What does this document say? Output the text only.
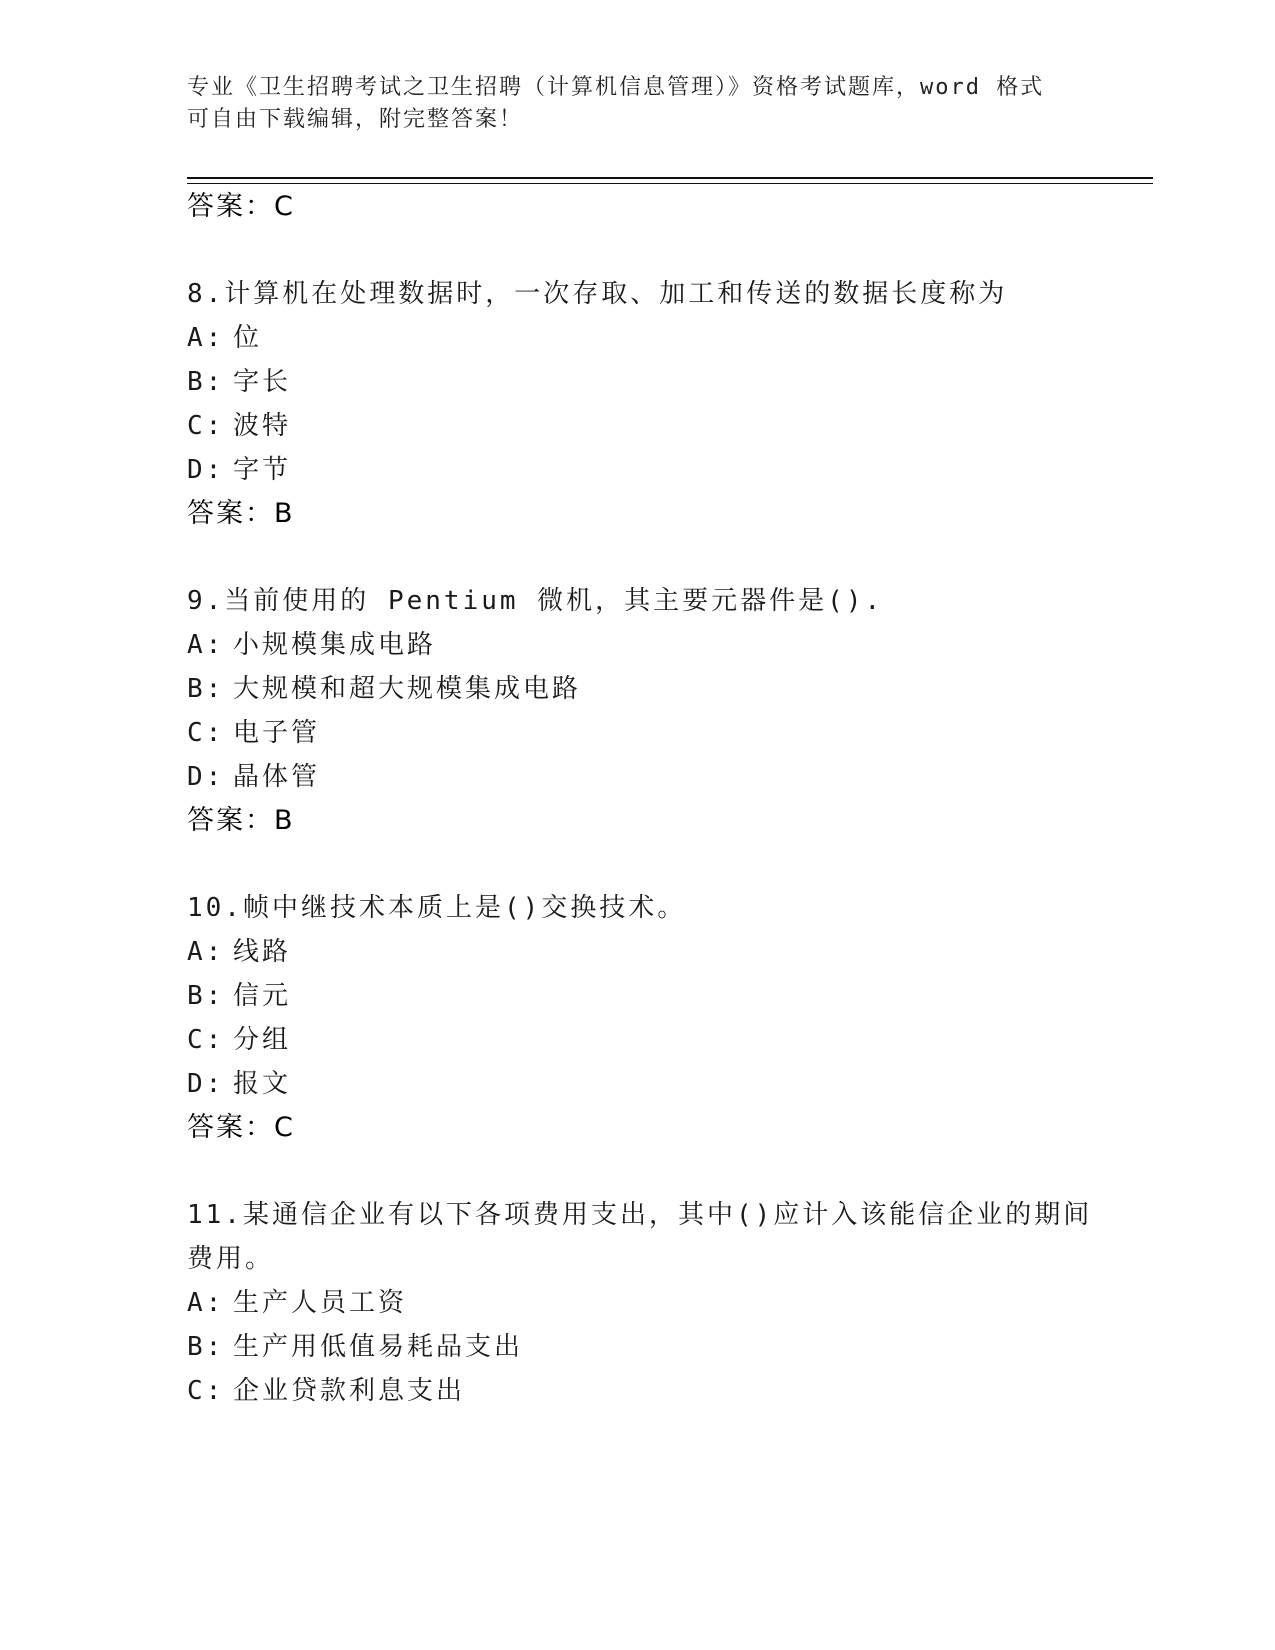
专业《卫生招聘考试之卫生招聘（计算机信息管理）》资格考试题库，word 格式
可自由下载编辑，附完整答案！
答案：C
8.计算机在处理数据时，一次存取、加工和传送的数据长度称为
A: 位
B: 字长
C: 波特
D: 字节
答案：B
9.当前使用的 Pentium 微机，其主要元器件是().
A: 小规模集成电路
B: 大规模和超大规模集成电路
C: 电子管
D: 晶体管
答案：B
10.帧中继技术本质上是()交换技术。
A: 线路
B: 信元
C: 分组
D: 报文
答案：C
11.某通信企业有以下各项费用支出，其中()应计入该能信企业的期间
费用。
A: 生产人员工资
B: 生产用低值易耗品支出
C: 企业贷款利息支出
